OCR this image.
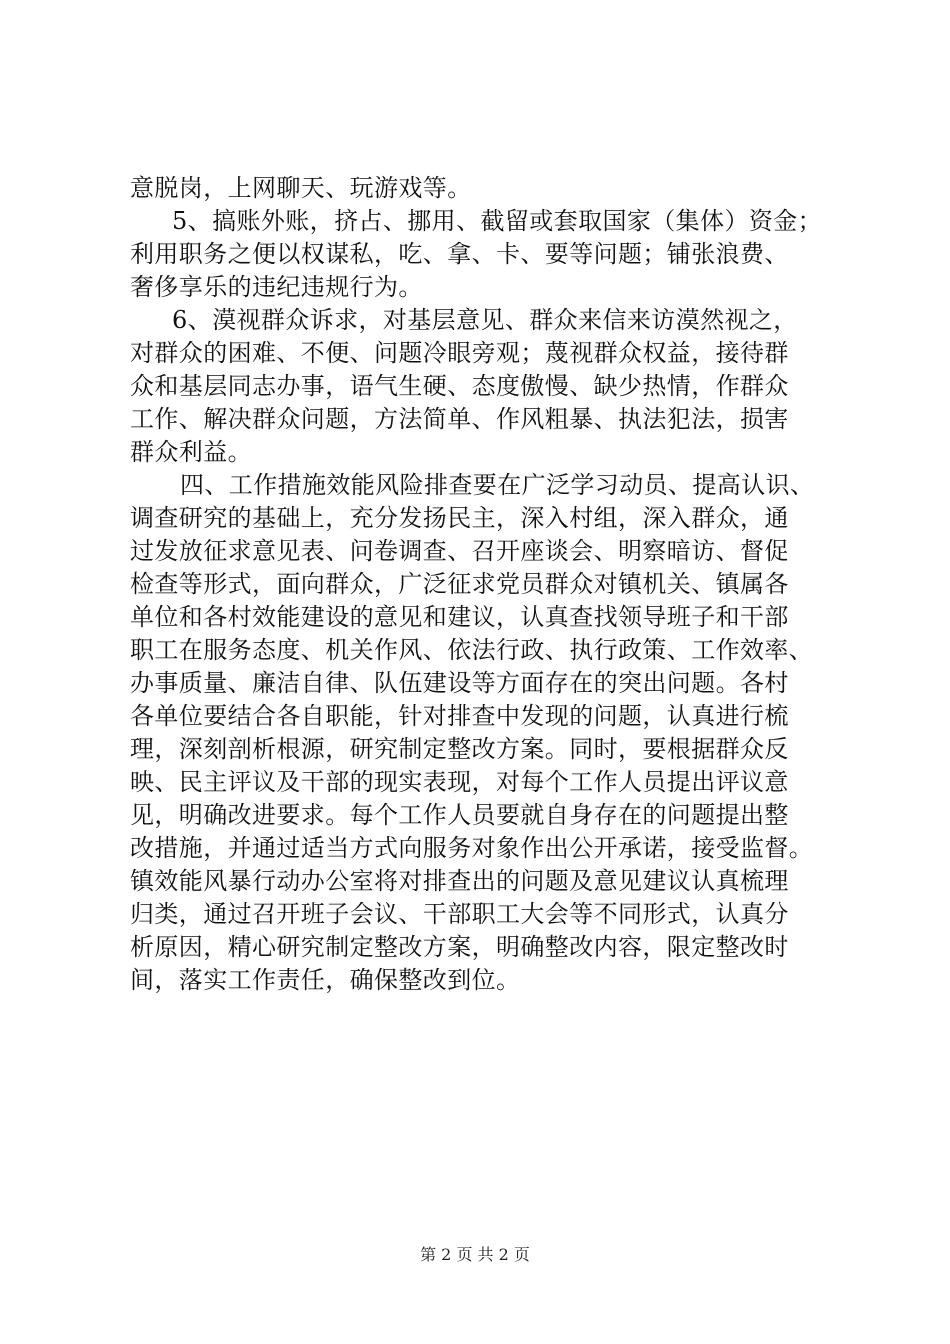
意脱岗，上网聊天、玩游戏等。
5、搞账外账，挤占、挪用、截留或套取国家（集体）资金；
利用职务之便以权谋私，吃、拿、卡、要等问题；铺张浪费、
奢侈享乐的违纪违规行为。
6、漠视群众诉求，对基层意见、群众来信来访漠然视之，
对群众的困难、不便、问题冷眼旁观；蔑视群众权益，接待群
众和基层同志办事，语气生硬、态度傲慢、缺少热情，作群众
工作、解决群众问题，方法简单、作风粗暴、执法犯法，损害
群众利益。
四、工作措施效能风险排查要在广泛学习动员、提高认识、
调查研究的基础上，充分发扬民主，深入村组，深入群众，通
过发放征求意见表、问卷调查、召开座谈会、明察暗访、督促
检查等形式，面向群众，广泛征求党员群众对镇机关、镇属各
单位和各村效能建设的意见和建议，认真查找领导班子和干部
职工在服务态度、机关作风、依法行政、执行政策、工作效率、
办事质量、廉洁自律、队伍建设等方面存在的突出问题。各村
各单位要结合各自职能，针对排查中发现的问题，认真进行梳
理，深刻剖析根源，研究制定整改方案。同时，要根据群众反
映、民主评议及干部的现实表现，对每个工作人员提出评议意
见，明确改进要求。每个工作人员要就自身存在的问题提出整
改措施，并通过适当方式向服务对象作出公开承诺，接受监督。
镇效能风暴行动办公室将对排查出的问题及意见建议认真梳理
归类，通过召开班子会议、干部职工大会等不同形式，认真分
析原因，精心研究制定整改方案，明确整改内容，限定整改时
间，落实工作责任，确保整改到位。
第 2 页 共 2 页
